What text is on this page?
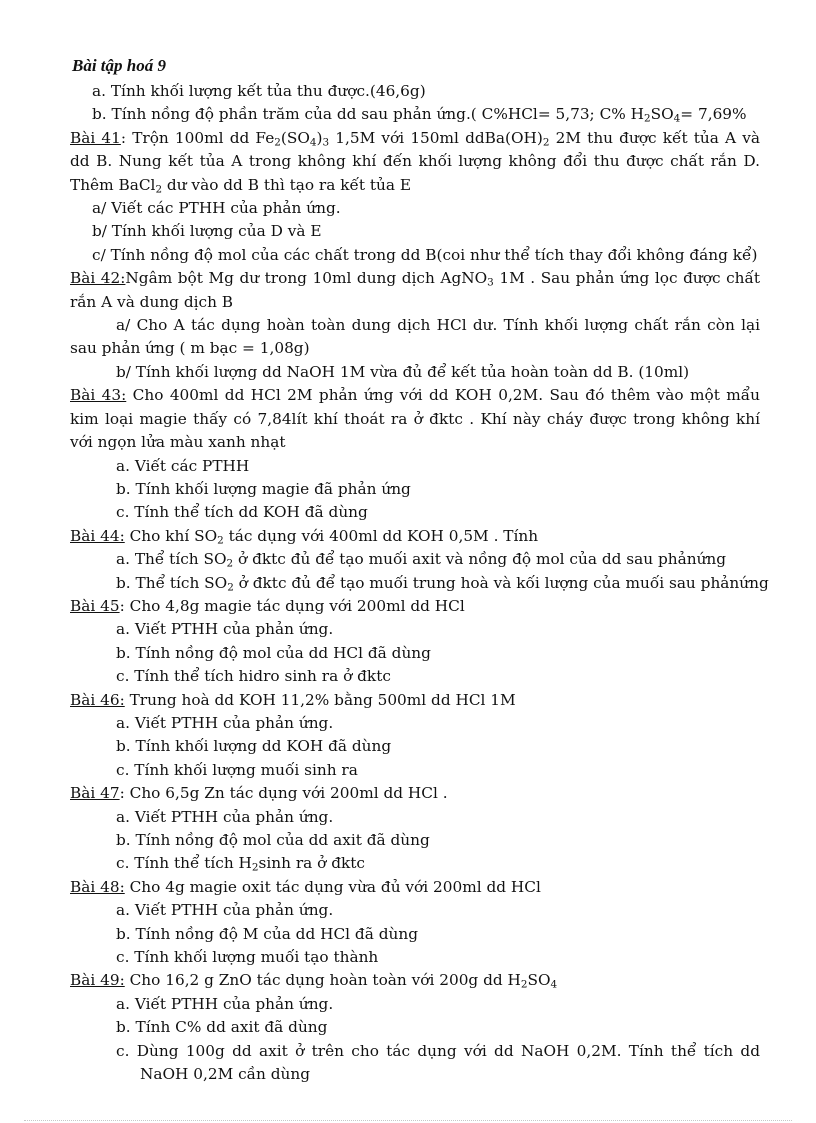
Bài tập hoá 9
a. Tính khối lượng kết tủa thu được.(46,6g)
b. Tính nồng độ phần trăm của dd sau phản ứng.( C%HCl= 5,73; C% $H_2SO_4= 7,69\%$
Bài 41: Trộn 100ml dd $Fe_2(SO_4)_3$ 1,5M với 150ml $ddBa(OH)_2$ 2M thu được kết tủa A và dd B. Nung kết tủa A trong không khí đến khối lượng không đổi thu được chất rắn D. Thêm BaCl$_2$ dư vào dd B thì tạo ra kết tủa E
a/ Viết các PTHH của phản ứng.
b/ Tính khối lượng của D và E
c/ Tính nồng độ mol của các chất trong dd B(coi như thể tích thay đổi không đáng kể)
Bài 42:Ngâm bột Mg dư trong 10ml dung dịch AgNO$_3$ 1M . Sau phản ứng lọc được chất rắn A và dung dịch B
a/ Cho A tác dụng hoàn toàn dung dịch HCl dư. Tính khối lượng chất rắn còn lại sau phản ứng ( m bạc = 1,08g)
b/ Tính khối lượng dd NaOH 1M vừa đủ để kết tủa hoàn toàn dd B. (10ml)
Bài 43: Cho 400ml dd HCl 2M phản ứng với dd KOH 0,2M. Sau đó thêm vào một mẩu kim loại magie thấy có 7,84lít khí thoát ra ở đktc . Khí này cháy được trong không khí với ngọn lửa màu xanh nhạt
a. Viết các PTHH
b. Tính khối lượng magie đã phản ứng
c. Tính thể tích dd KOH đã dùng
Bài 44: Cho khí $SO_2$ tác dụng với 400ml dd KOH 0,5M . Tính
a. Thể tích $SO_2$ ở đktc đủ để tạo muối axit và nồng độ mol của dd sau phảnứng
b. Thể tích $SO_2$ ở đktc đủ để tạo muối trung hoà và kối lượng của muối sau phảnứng
Bài 45: Cho 4,8g magie tác dụng với 200ml dd HCl
a. Viết PTHH của phản ứng.
b. Tính nồng độ mol của dd HCl đã dùng
c. Tính thể tích hidro sinh ra ở đktc
Bài 46: Trung hoà dd KOH 11,2% bằng 500ml dd HCl 1M
a. Viết PTHH của phản ứng.
b. Tính khối lượng dd KOH đã dùng
c. Tính khối lượng muối sinh ra
Bài 47: Cho 6,5g Zn tác dụng với 200ml dd HCl .
a. Viết PTHH của phản ứng.
b. Tính nồng độ mol của dd axit đã dùng
c. Tính thể tích $H_2\sinh$ ra ở đktc
Bài 48: Cho 4g magie oxit tác dụng vừa đủ với 200ml dd HCl
a. Viết PTHH của phản ứng.
b. Tính nồng độ M của dd HCl đã dùng
c. Tính khối lượng muối tạo thành
Bài 49: Cho 16,2 g ZnO tác dụng hoàn toàn với 200g dd $H_2SO_4$
a. Viết PTHH của phản ứng.
b. Tính C% dd axit đã dùng
c. Dùng 100g dd axit ở trên cho tác dụng với dd NaOH 0,2M. Tính thể tích dd NaOH 0,2M cần dùng
